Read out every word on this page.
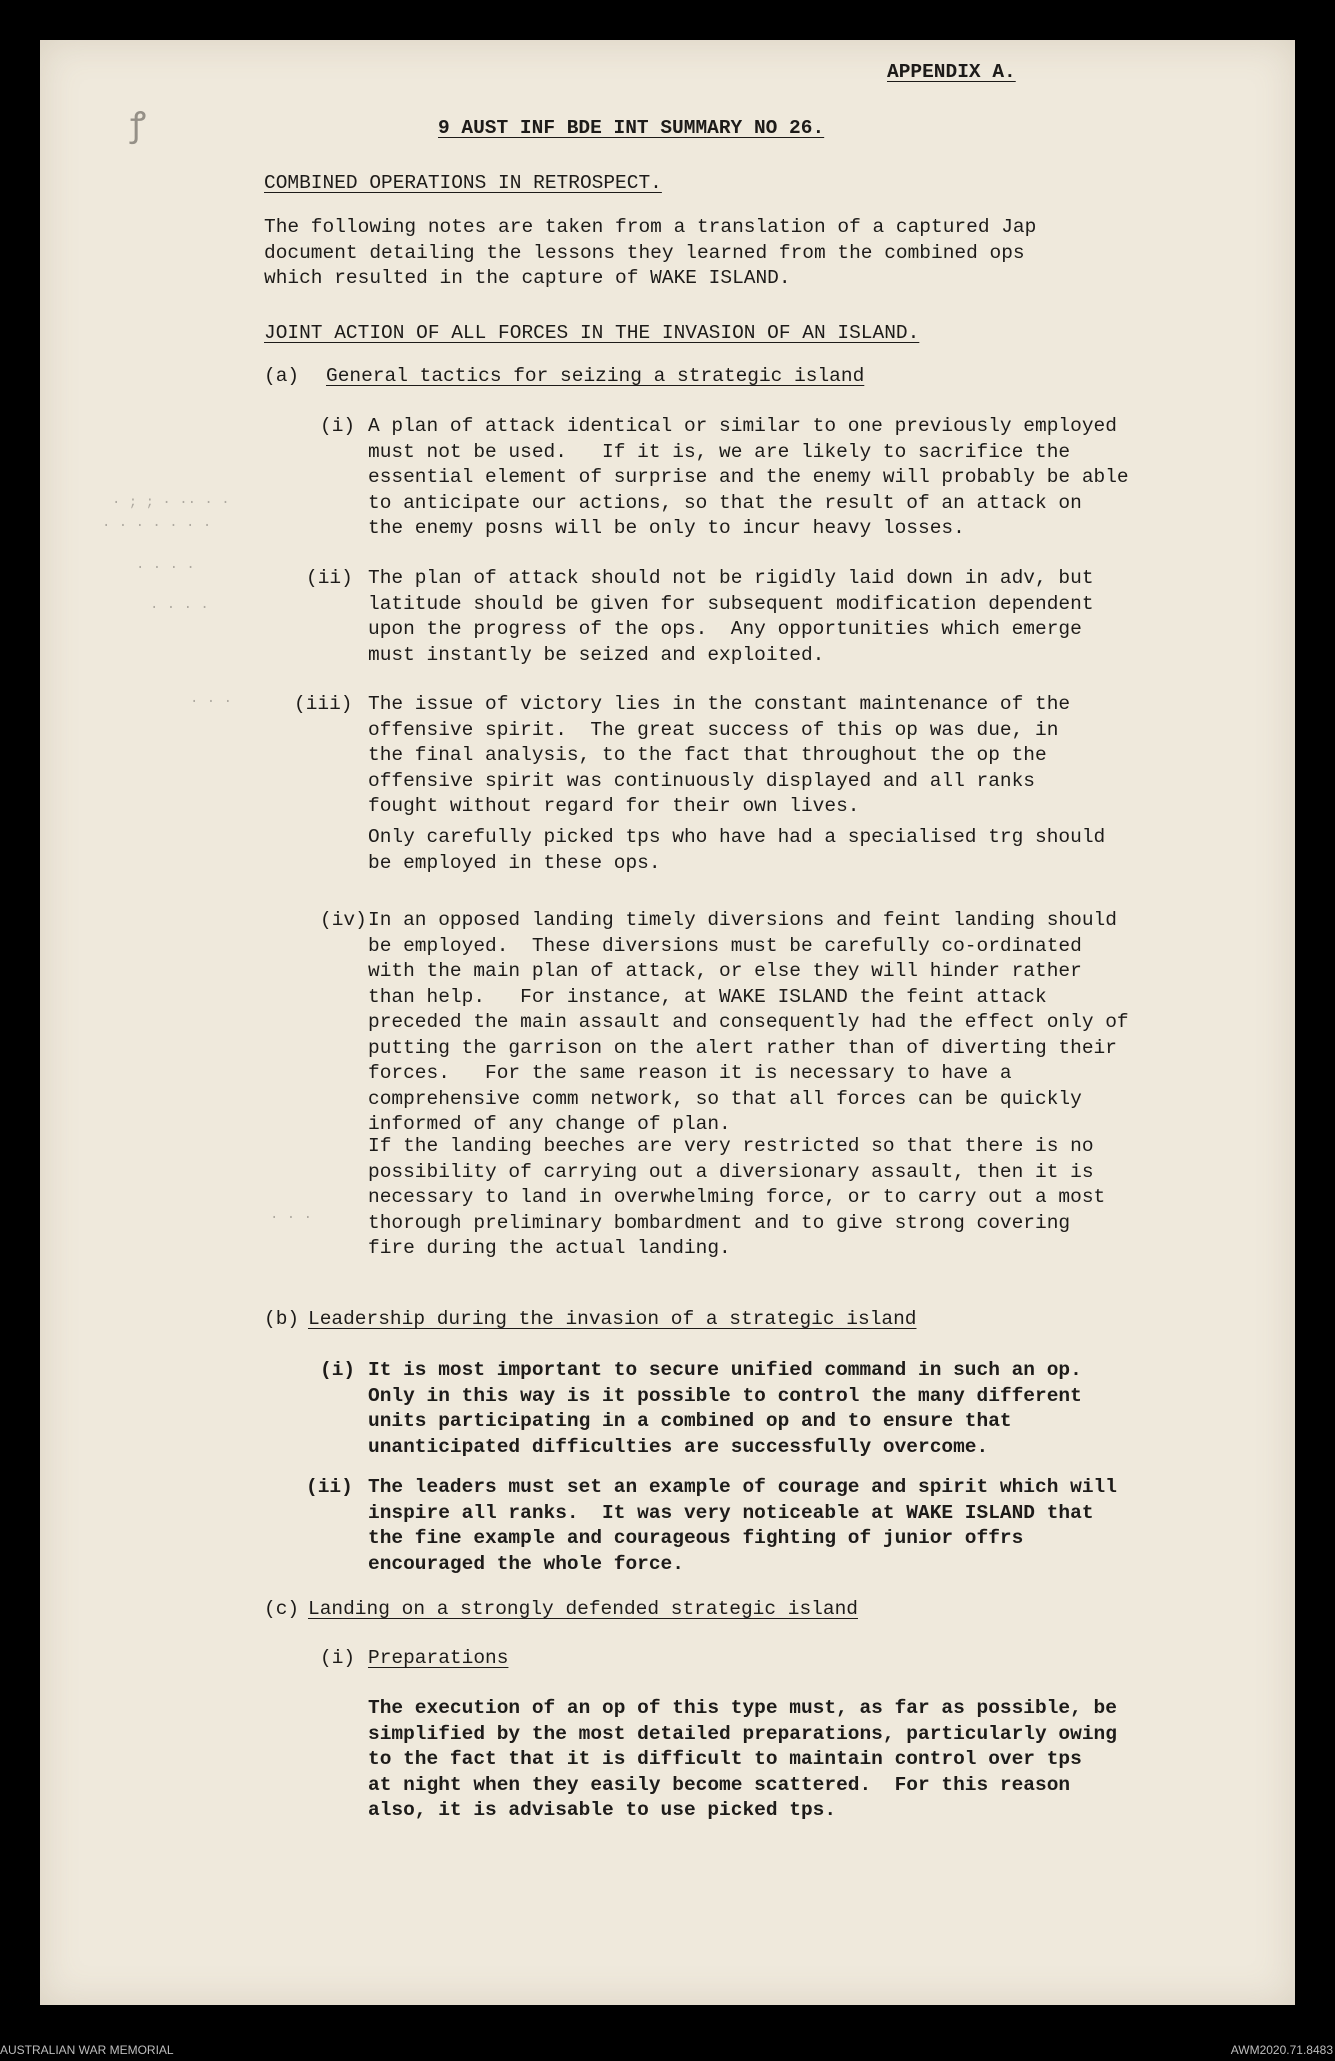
APPENDIX A.
ꝭ	9 AUST INF BDE INT SUMMARY NO 26.
COMBINED OPERATIONS IN RETROSPECT.
The following notes are taken from a translation of a captured Jap
document detailing the lessons they learned from the combined ops
which resulted in the capture of WAKE ISLAND.
JOINT ACTION OF ALL FORCES IN THE INVASION OF AN ISLAND.
(a) General tactics for seizing a strategic island
(i) A plan of attack identical or similar to one previously employed
must not be used.   If it is, we are likely to sacrifice the
essential element of surprise and the enemy will probably be able
to anticipate our actions, so that the result of an attack on
the enemy posns will be only to incur heavy losses.
(ii) The plan of attack should not be rigidly laid down in adv, but
latitude should be given for subsequent modification dependent
upon the progress of the ops.  Any opportunities which emerge
must instantly be seized and exploited.
(iii) The issue of victory lies in the constant maintenance of the
offensive spirit.  The great success of this op was due, in
the final analysis, to the fact that throughout the op the
offensive spirit was continuously displayed and all ranks
fought without regard for their own lives.
Only carefully picked tps who have had a specialised trg should
be employed in these ops.
(iv) In an opposed landing timely diversions and feint landing should
be employed.  These diversions must be carefully co-ordinated
with the main plan of attack, or else they will hinder rather
than help.   For instance, at WAKE ISLAND the feint attack
preceded the main assault and consequently had the effect only of
putting the garrison on the alert rather than of diverting their
forces.   For the same reason it is necessary to have a
comprehensive comm network, so that all forces can be quickly
informed of any change of plan.
If the landing beeches are very restricted so that there is no
possibility of carrying out a diversionary assault, then it is
necessary to land in overwhelming force, or to carry out a most
thorough preliminary bombardment and to give strong covering
fire during the actual landing.
(b) Leadership during the invasion of a strategic island
(i) It is most important to secure unified command in such an op.
Only in this way is it possible to control the many different
units participating in a combined op and to ensure that
unanticipated difficulties are successfully overcome.
(ii) The leaders must set an example of courage and spirit which will
inspire all ranks.  It was very noticeable at WAKE ISLAND that
the fine example and courageous fighting of junior offrs
encouraged the whole force.
(c) Landing on a strongly defended strategic island
(i) Preparations
The execution of an op of this type must, as far as possible, be
simplified by the most detailed preparations, particularly owing
to the fact that it is difficult to maintain control over tps
at night when they easily become scattered.  For this reason
also, it is advisable to use picked tps.
· ; ; · ·· · ·
· · · · · · ·
· · · ·
· · · ·
· · ·
· · ·
AUSTRALIAN WAR MEMORIAL	AWM2020.71.8483
